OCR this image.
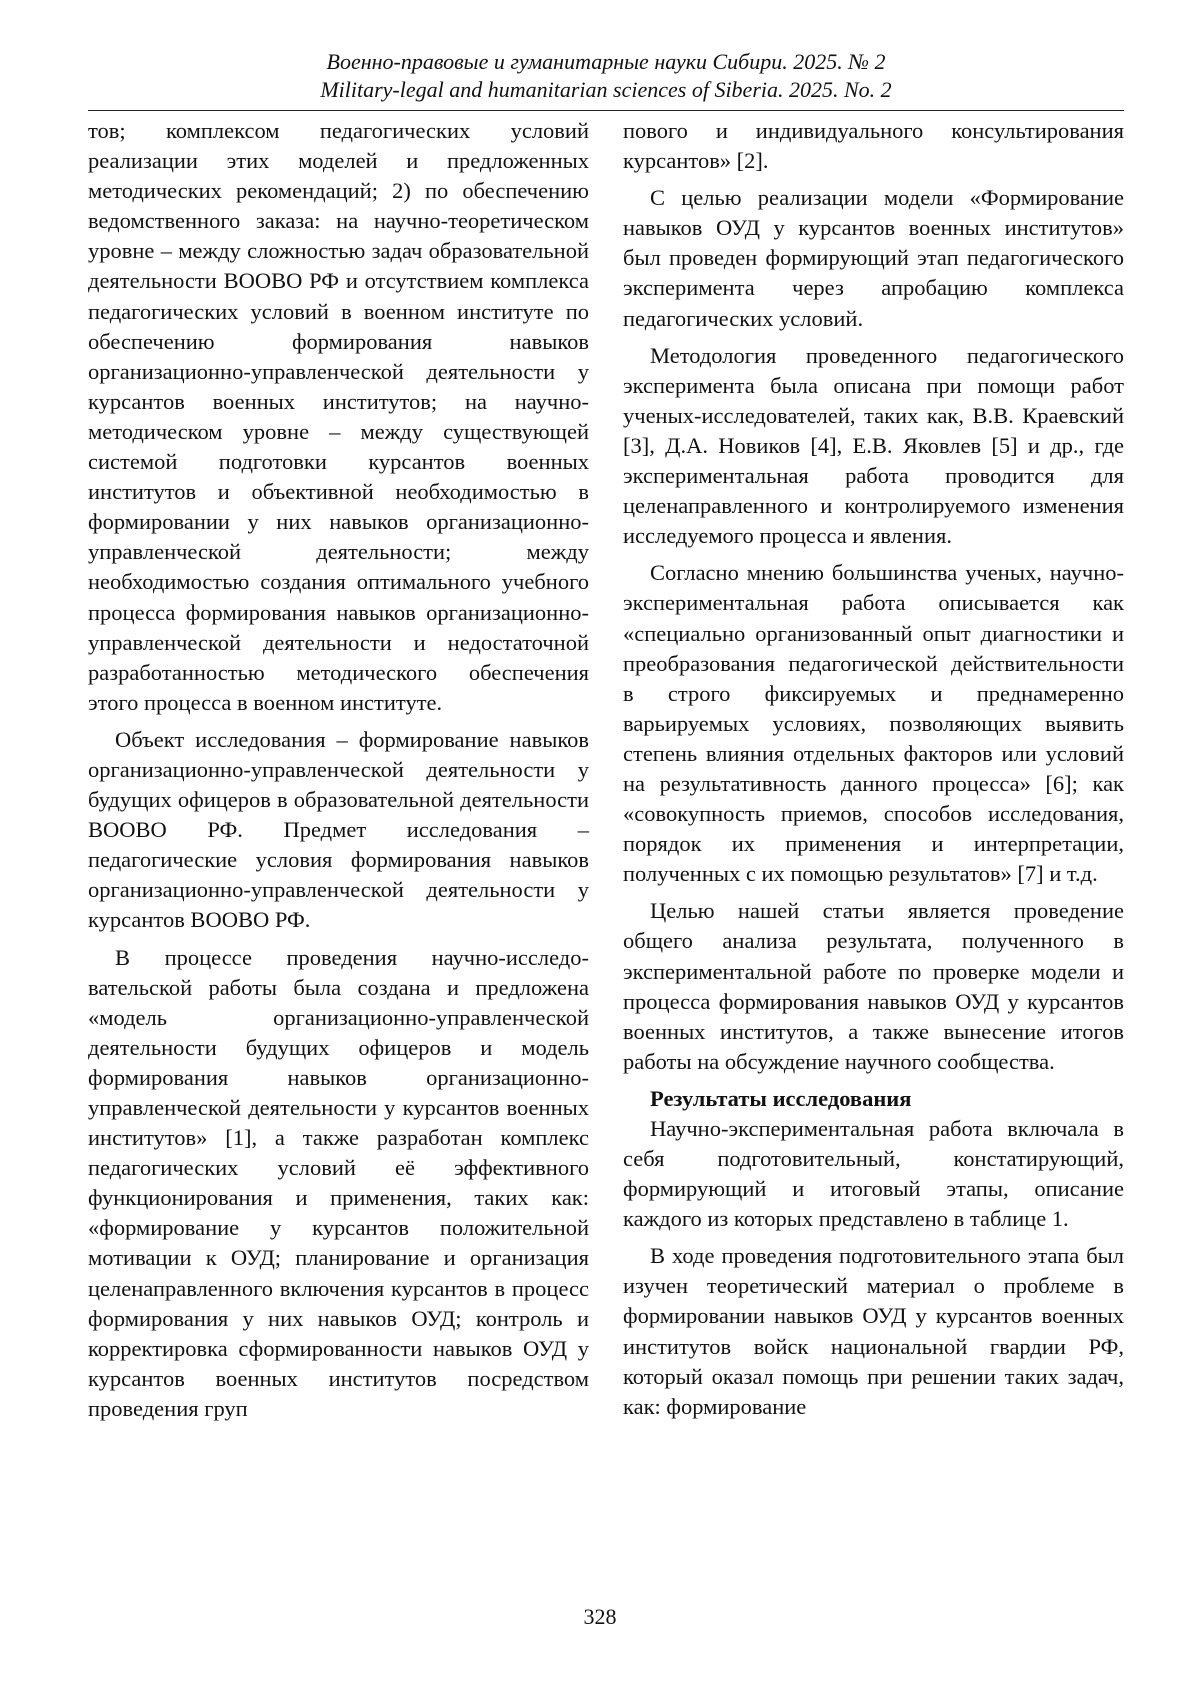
Военно-правовые и гуманитарные науки Сибири. 2025. № 2
Military-legal and humanitarian sciences of Siberia. 2025. No. 2

тов; комплексом педагогических условий реализации этих моделей и предложенных методических рекомендаций; 2) по обеспечению ведомственного заказа: на научно-теоретическом уровне – между сложностью задач образовательной деятельности ВООВО РФ и отсутствием комплекса педагогических условий в военном институте по обеспечению формирования навыков организационно-управленческой деятельности у курсантов военных институтов; на научно-методическом уровне – между существующей системой подготовки курсантов военных институтов и объективной необходимостью в формировании у них навыков организационно-управленческой деятельности; между необходимостью создания оптимального учебного процесса формирования навыков организационно-управленческой деятельности и недостаточной разработанностью методического обеспечения этого процесса в военном институте.

Объект исследования – формирование навыков организационно-управленческой деятельности у будущих офицеров в образовательной деятельности ВООВО РФ. Предмет исследования – педагогические условия формирования навыков организационно-управленческой деятельности у курсантов ВООВО РФ.

В процессе проведения научно-исследовательской работы была создана и предложена «модель организационно-управленческой деятельности будущих офицеров и модель формирования навыков организационно-управленческой деятельности у курсантов военных институтов» [1], а также разработан комплекс педагогических условий её эффективного функционирования и применения, таких как: «формирование у курсантов положительной мотивации к ОУД; планирование и организация целенаправленного включения курсантов в процесс формирования у них навыков ОУД; контроль и корректировка сформированности навыков ОУД у курсантов военных институтов посредством проведения груп

пового и индивидуального консультирования курсантов» [2].

С целью реализации модели «Формирование навыков ОУД у курсантов военных институтов» был проведен формирующий этап педагогического эксперимента через апробацию комплекса педагогических условий.

Методология проведенного педагогического эксперимента была описана при помощи работ ученых-исследователей, таких как, В.В. Краевский [3], Д.А. Новиков [4], Е.В. Яковлев [5] и др., где экспериментальная работа проводится для целенаправленного и контролируемого изменения исследуемого процесса и явления.

Согласно мнению большинства ученых, научно-экспериментальная работа описывается как «специально организованный опыт диагностики и преобразования педагогической действительности в строго фиксируемых и преднамеренно варьируемых условиях, позволяющих выявить степень влияния отдельных факторов или условий на результативность данного процесса» [6]; как «совокупность приемов, способов исследования, порядок их применения и интерпретации, полученных с их помощью результатов» [7] и т.д.

Целью нашей статьи является проведение общего анализа результата, полученного в экспериментальной работе по проверке модели и процесса формирования навыков ОУД у курсантов военных институтов, а также вынесение итогов работы на обсуждение научного сообщества.

Результаты исследования

Научно-экспериментальная работа включала в себя подготовительный, констатирующий, формирующий и итоговый этапы, описание каждого из которых представлено в таблице 1.

В ходе проведения подготовительного этапа был изучен теоретический материал о проблеме в формировании навыков ОУД у курсантов военных институтов войск национальной гвардии РФ, который оказал помощь при решении таких задач, как: формирование

328
